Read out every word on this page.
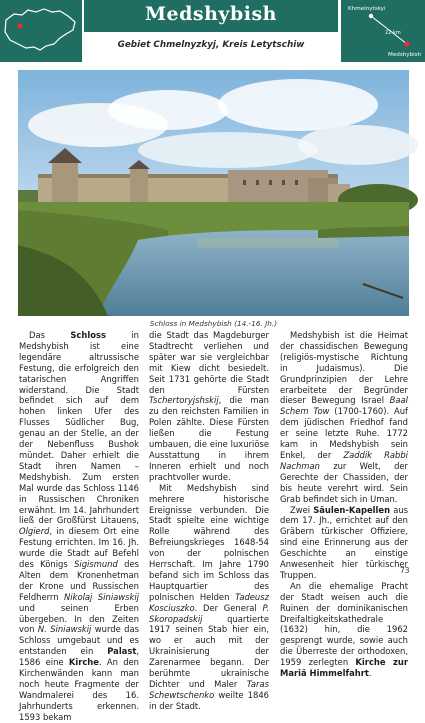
Medshybish
Gebiet Chmelnyzkyj, Kreis Letytschiw
Khmelnytskyi
22 km
Medshybish
Schloss in Medshybish (14.-16. Jh.)

Das Schloss in Medshybish ist eine legendäre altrussische Festung, die erfolgreich den tatarischen Angriffen widerstand. Die Stadt befindet sich auf dem hohen linken Ufer des Flusses Südlicher Bug, genau an der Stelle, an der der Nebenfluss Bushok mündet. Daher erhielt die Stadt ihren Namen – Medshybish. Zum ersten Mal wurde das Schloss 1146 in Russischen Chroniken erwähnt. Im 14. Jahrhundert ließ der Großfürst Litauens, Olgierd, in diesem Ort eine Festung errichten. Im 16. Jh. wurde die Stadt auf Befehl des Königs Sigismund des Alten dem Kronenhetman der Krone und Russischen Feldherrn Nikolaj Siniawskij und seinen Erben übergeben. In den Zeiten von N. Siniawskij wurde das Schloss umgebaut und es entstanden ein Palast, 1586 eine Kirche. An den Kirchenwänden kann man noch heute Fragmente der Wandmalerei des 16. Jahrhunderts erkennen. 1593 bekam

die Stadt das Magdeburger Stadtrecht verliehen und später war sie vergleichbar mit Kiew dicht besiedelt. Seit 1731 gehörte die Stadt den Fürsten Tschertoryjshskij, die man zu den reichsten Familien in Polen zählte. Diese Fürsten ließen die Festung umbauen, die eine luxuriöse Ausstattung in ihrem Inneren erhielt und noch prachtvoller wurde.

Mit Medshybish sind mehrere historische Ereignisse verbunden. Die Stadt spielte eine wichtige Rolle während des Befreiungskrieges 1648-54 von der polnischen Herrschaft. Im Jahre 1790 befand sich im Schloss das Hauptquartier des polnischen Helden Tadeusz Kosciuszko. Der General P. Skoropadskij quartierte 1917 seinen Stab hier ein, wo er auch mit der Ukrainisierung der Zarenarmee begann. Der berühmte ukrainische Dichter und Maler Taras Schewtschenko weilte 1846 in der Stadt.

Medshybish ist die Heimat der chassidischen Bewegung (religiös-mystische Richtung in Judaismus). Die Grundprinzipien der Lehre erarbeitete der Begründer dieser Bewegung Israel Baal Schem Tow (1700-1760). Auf dem jüdischen Friedhof fand er seine letzte Ruhe. 1772 kam in Medshybish sein Enkel, der Zaddik Rabbi Nachman zur Welt, der Gerechte der Chassiden, der bis heute verehrt wird. Sein Grab befindet sich in Uman.

Zwei Säulen-Kapellen aus dem 17. Jh., errichtet auf den Gräbern türkischer Offiziere, sind eine Erinnerung aus der Geschichte an einstige Anwesenheit hier türkischer Truppen.

An die ehemalige Pracht der Stadt weisen auch die Ruinen der dominikanischen Dreifaltigkeitskathedrale (1632) hin, die 1962 gesprengt wurde, sowie auch die Überreste der orthodoxen, 1959 zerlegten Kirche zur Mariä Himmelfahrt.

73
